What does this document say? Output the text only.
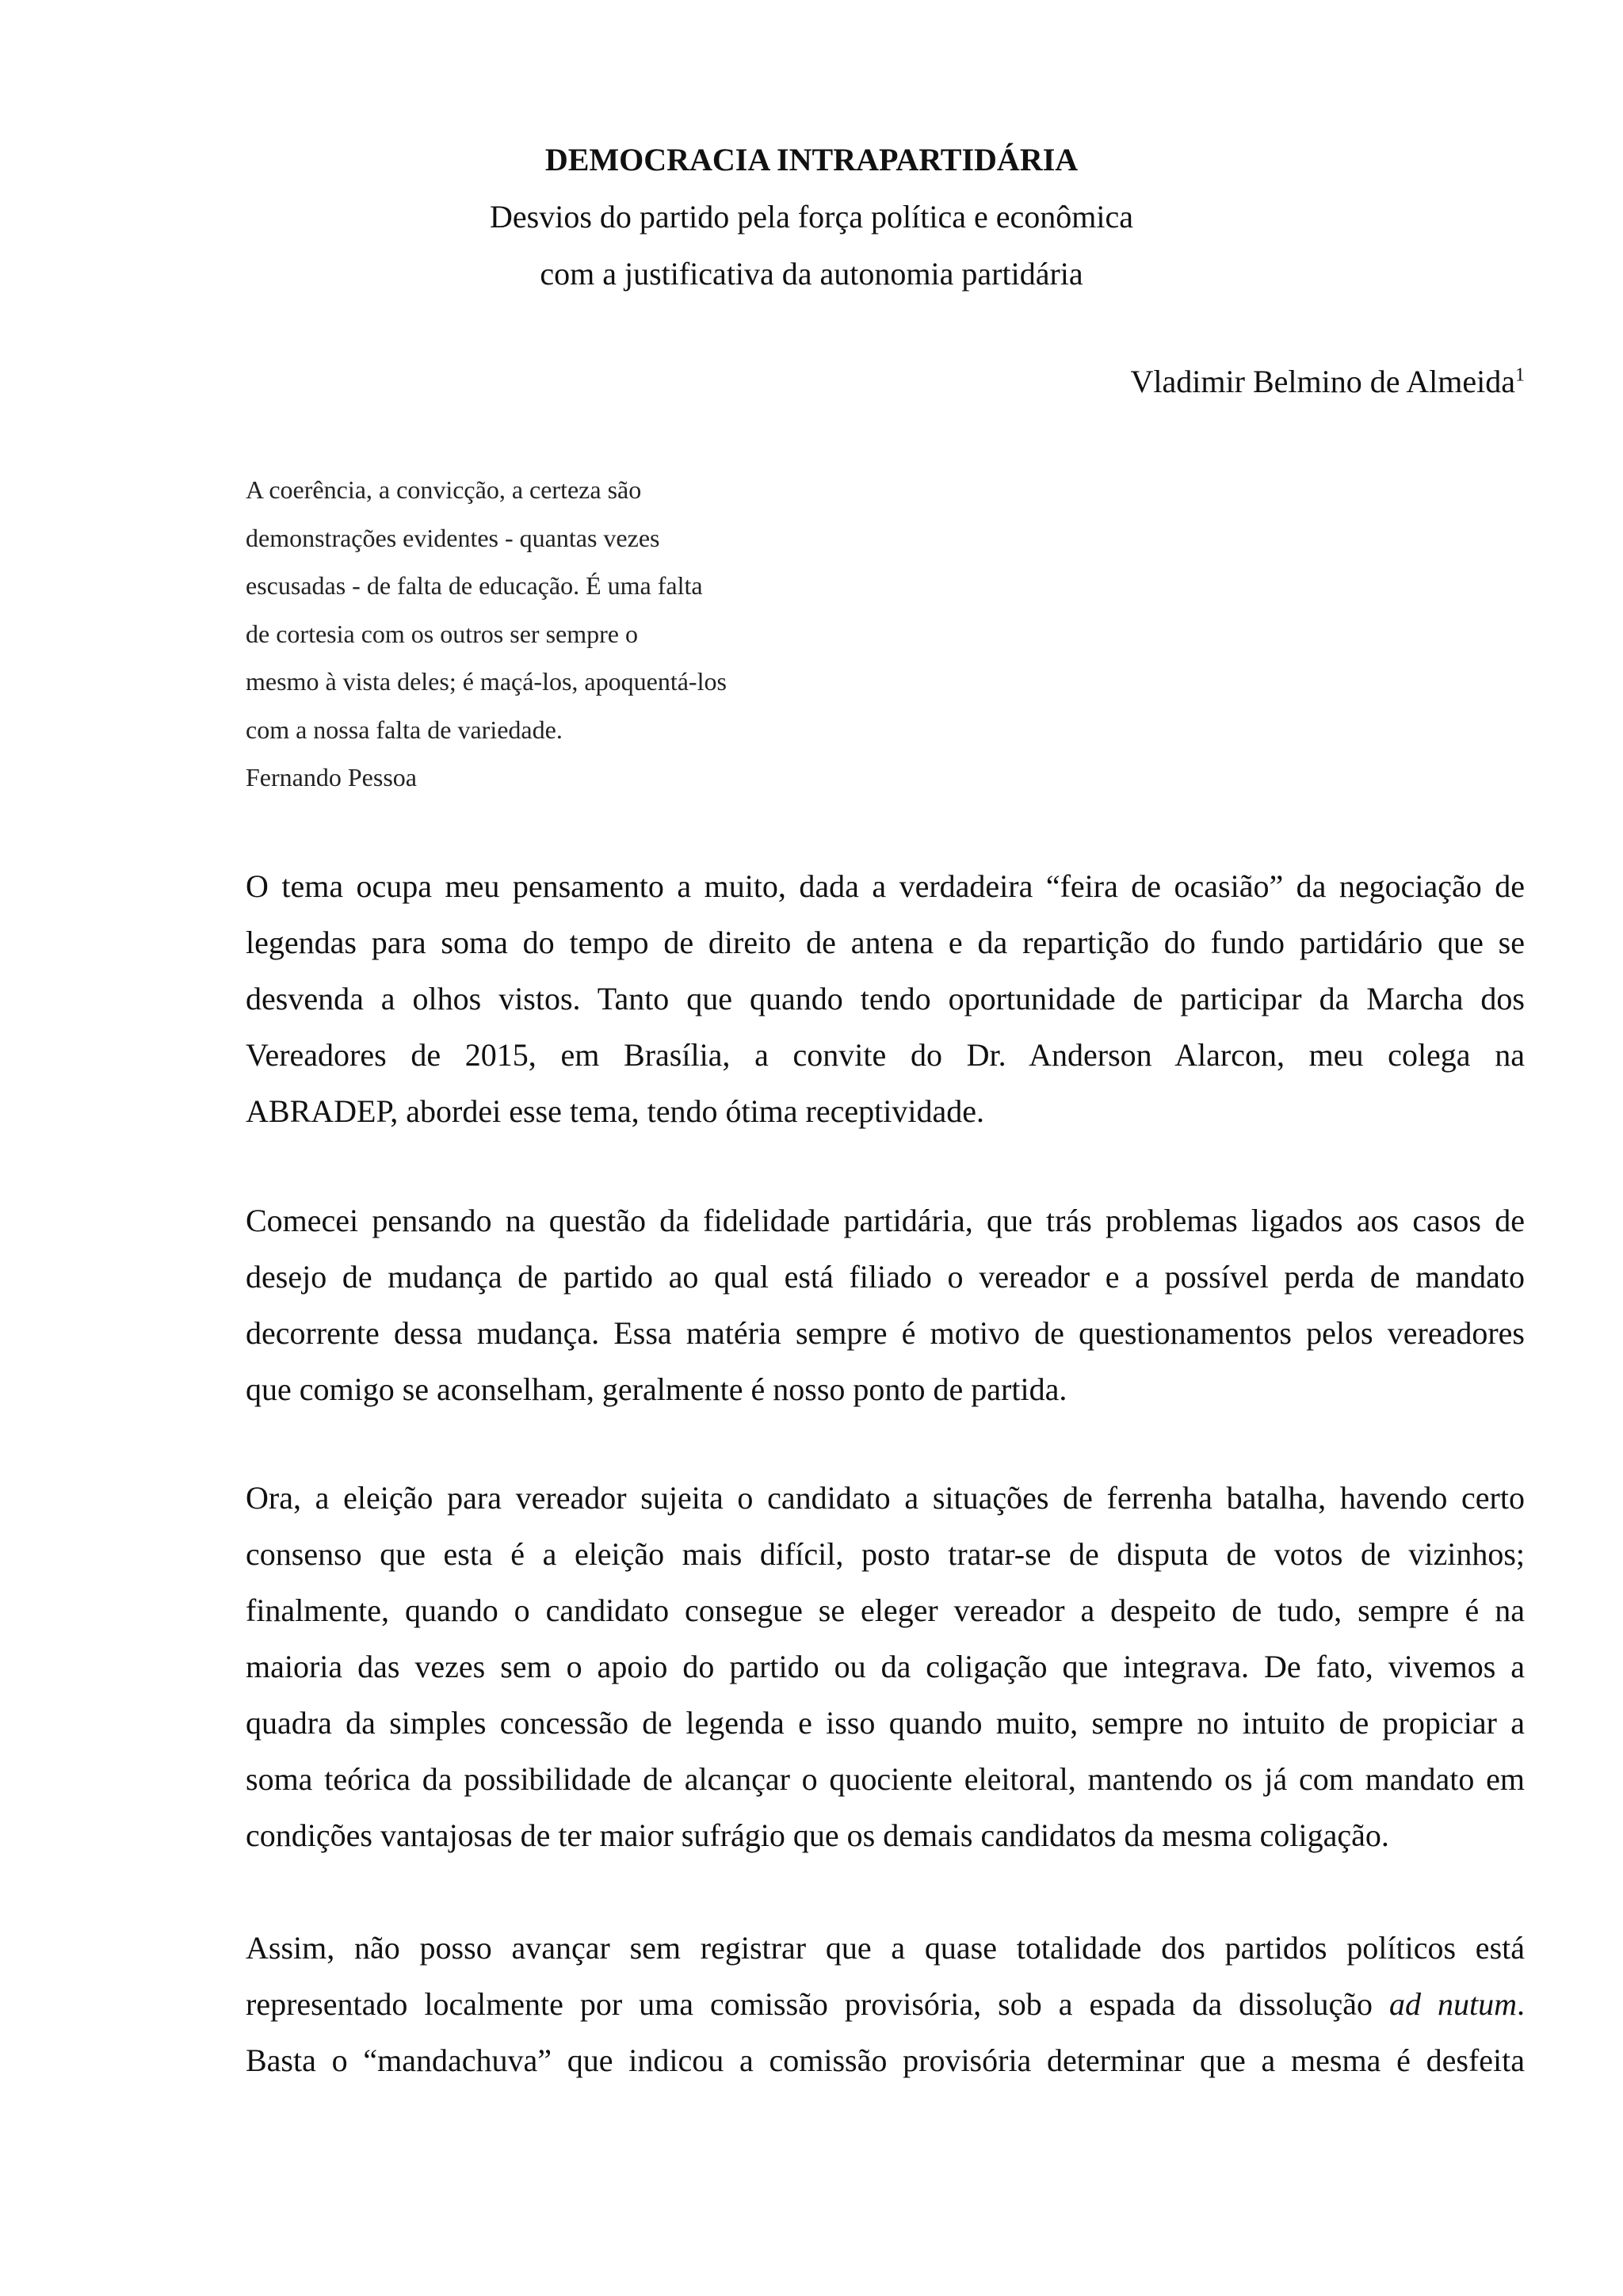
DEMOCRACIA INTRAPARTIDÁRIA

Desvios do partido pela força política e econômica

com a justificativa da autonomia partidária

Vladimir Belmino de Almeida$^1$
A coerência, a convicção, a certeza são
demonstrações evidentes - quantas vezes
escusadas - de falta de educação. É uma falta
de cortesia com os outros ser sempre o
mesmo à vista deles; é maçá-los, apoquentá-los
com a nossa falta de variedade.
Fernando Pessoa
O tema ocupa meu pensamento a muito, dada a verdadeira “feira de ocasião” da negociação de
legendas para soma do tempo de direito de antena e da repartição do fundo partidário que se
desvenda a olhos vistos. Tanto que quando tendo oportunidade de participar da Marcha dos
Vereadores de 2015, em Brasília, a convite do Dr. Anderson Alarcon, meu colega na
ABRADEP, abordei esse tema, tendo ótima receptividade.
Comecei pensando na questão da fidelidade partidária, que trás problemas ligados aos casos de
desejo de mudança de partido ao qual está filiado o vereador e a possível perda de mandato
decorrente dessa mudança. Essa matéria sempre é motivo de questionamentos pelos vereadores
que comigo se aconselham, geralmente é nosso ponto de partida.
Ora, a eleição para vereador sujeita o candidato a situações de ferrenha batalha, havendo certo
consenso que esta é a eleição mais difícil, posto tratar-se de disputa de votos de vizinhos;
finalmente, quando o candidato consegue se eleger vereador a despeito de tudo, sempre é na
maioria das vezes sem o apoio do partido ou da coligação que integrava. De fato, vivemos a
quadra da simples concessão de legenda e isso quando muito, sempre no intuito de propiciar a
soma teórica da possibilidade de alcançar o quociente eleitoral, mantendo os já com mandato em
condições vantajosas de ter maior sufrágio que os demais candidatos da mesma coligação.
Assim, não posso avançar sem registrar que a quase totalidade dos partidos políticos está
representado localmente por uma comissão provisória, sob a espada da dissolução ad nutum.
Basta o “mandachuva” que indicou a comissão provisória determinar que a mesma é desfeita
